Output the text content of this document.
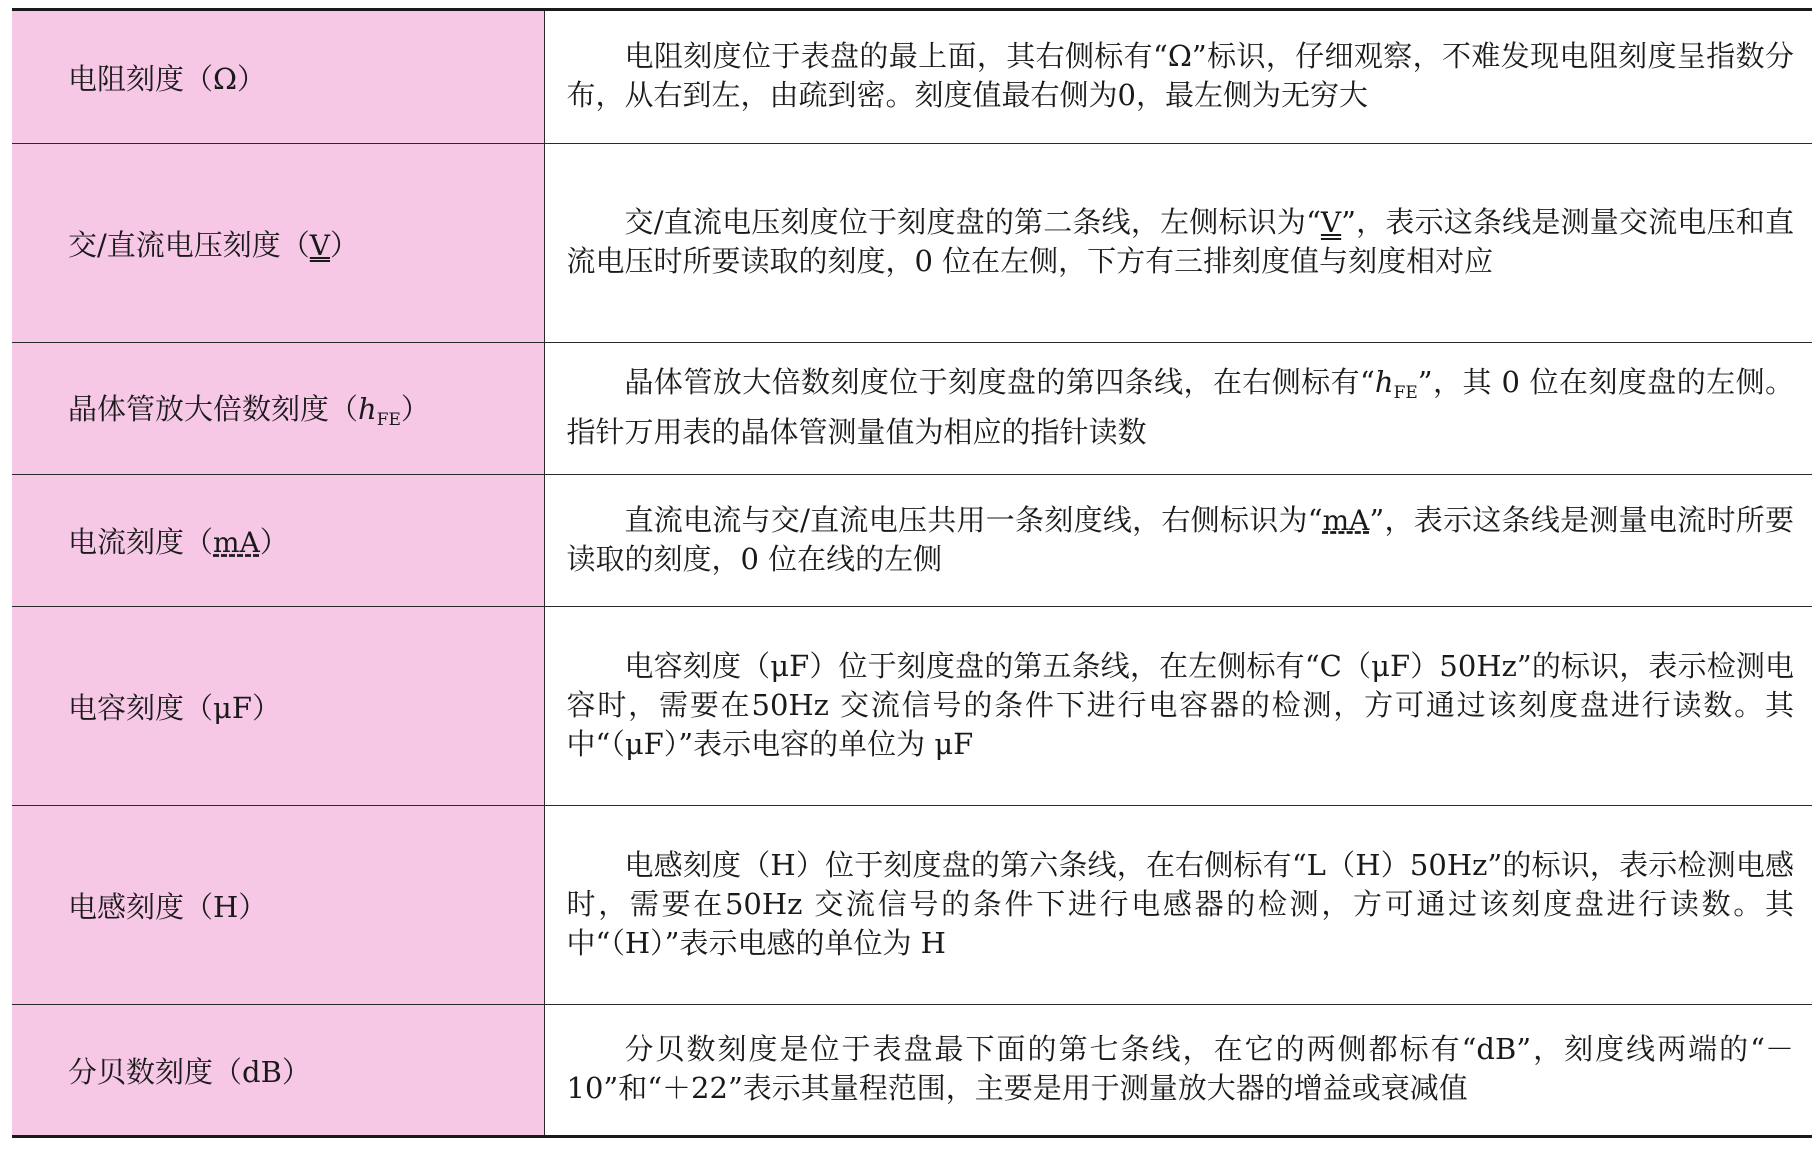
电阻刻度（Ω）	电阻刻度位于表盘的最上面，其右侧标有“Ω”标识，仔细观察，不难发现电阻刻度呈指数分布，从右到左，由疏到密。刻度值最右侧为0，最左侧为无穷大
交/直流电压刻度（V）	交/直流电压刻度位于刻度盘的第二条线，左侧标识为“V”，表示这条线是测量交流电压和直流电压时所要读取的刻度，0 位在左侧，下方有三排刻度值与刻度相对应
晶体管放大倍数刻度$(h_{FE})$	晶体管放大倍数刻度位于刻度盘的第四条线，在右侧标有“$h_{FE}$”，其 0 位在刻度盘的左侧。指针万用表的晶体管测量值为相应的指针读数
电流刻度（mA）	直流电流与交/直流电压共用一条刻度线，右侧标识为“mA”，表示这条线是测量电流时所要读取的刻度，0 位在线的左侧
电容刻度（μF）	电容刻度（μF）位于刻度盘的第五条线，在左侧标有“C（μF）50Hz”的标识，表示检测电容时，需要在50Hz 交流信号的条件下进行电容器的检测，方可通过该刻度盘进行读数。其中“（μF）”表示电容的单位为 μF
电感刻度（H）	电感刻度（H）位于刻度盘的第六条线，在右侧标有“L（H）50Hz”的标识，表示检测电感时，需要在50Hz 交流信号的条件下进行电感器的检测，方可通过该刻度盘进行读数。其中“（H）”表示电感的单位为 H
分贝数刻度（dB）	分贝数刻度是位于表盘最下面的第七条线，在它的两侧都标有“dB”，刻度线两端的“－10”和“＋22”表示其量程范围，主要是用于测量放大器的增益或衰减值
